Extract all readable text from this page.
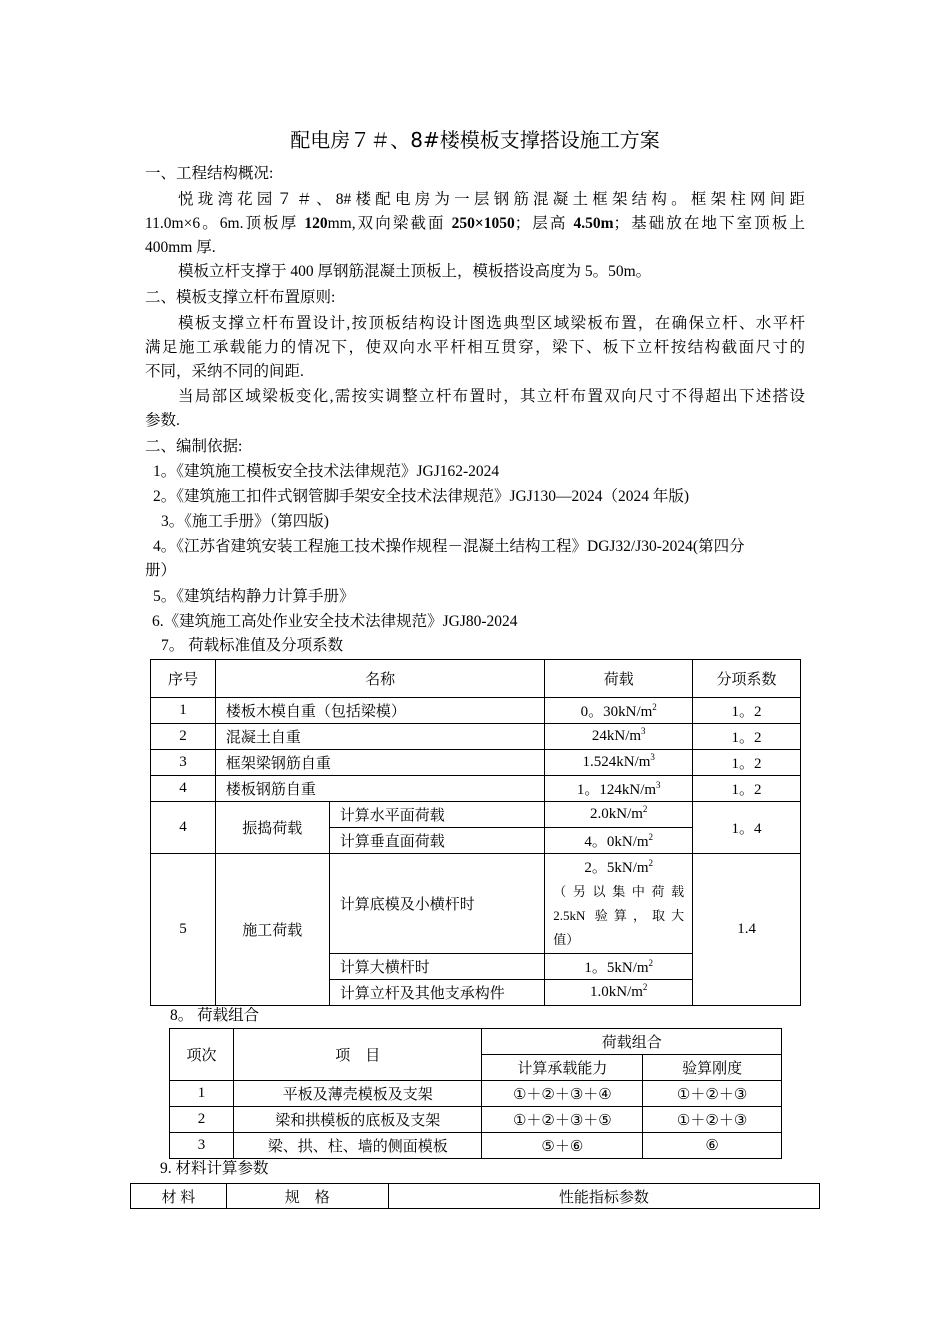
配电房７＃、8#楼模板支撑搭设施工方案
一、工程结构概况:
悦珑湾花园７＃、8#楼配电房为一层钢筋混凝土框架结构。框架柱网间距
11.0m×6。6m.顶板厚 120mm,双向梁截面 250×1050；层高 4.50m；基础放在地下室顶板上
400mm 厚.
模板立杆支撑于 400 厚钢筋混凝土顶板上，模板搭设高度为 5。50m。
二、模板支撑立杆布置原则:
模板支撑立杆布置设计,按顶板结构设计图选典型区域梁板布置，在确保立杆、水平杆
满足施工承载能力的情况下，使双向水平杆相互贯穿，梁下、板下立杆按结构截面尺寸的
不同，采纳不同的间距.
当局部区域梁板变化,需按实调整立杆布置时，其立杆布置双向尺寸不得超出下述搭设
参数.
二、编制依据:
1。《建筑施工模板安全技术法律规范》JGJ162-2024
2。《建筑施工扣件式钢管脚手架安全技术法律规范》JGJ130—2024（2024 年版)
3。《施工手册》（第四版)
4。《江苏省建筑安装工程施工技术操作规程－混凝土结构工程》DGJ32/J30-2024(第四分
册）
5。《建筑结构静力计算手册》
6.《建筑施工高处作业安全技术法律规范》JGJ80-2024
7。 荷载标准值及分项系数
序号	名称		荷载	分项系数
1	楼板木模自重（包括梁模）		0。$30kN/m^2$	1。2
2	混凝土自重		$24kN/m^3$	1。2
3	框架梁钢筋自重		$1.524kN/m^3$	1。2
4	楼板钢筋自重		1。$124kN/m^3$	1。2
4	振捣荷载	计算水平面荷载	$2.0kN/m^2$	1。4
		计算垂直面荷载	4。$0kN/m^2$
5	施工荷载	计算底模及小横杆时	2。$5kN/m^2$
（另以集中荷载
2.5kN 验算，取大
值）	1.4
		计算大横杆时	1。$5kN/m^2$
		计算立杆及其他支承构件	$1.0kN/m^2$
8。 荷载组合
项次	项　目	荷载组合	
		计算承载能力	验算刚度
1	平板及薄壳模板及支架	①＋②＋③＋④	①＋②＋③
2	梁和拱模板的底板及支架	①＋②＋③＋⑤	①＋②＋③
3	梁、拱、柱、墙的侧面模板	⑤＋⑥	⑥
9. 材料计算参数
材 料	规　格	性能指标参数
